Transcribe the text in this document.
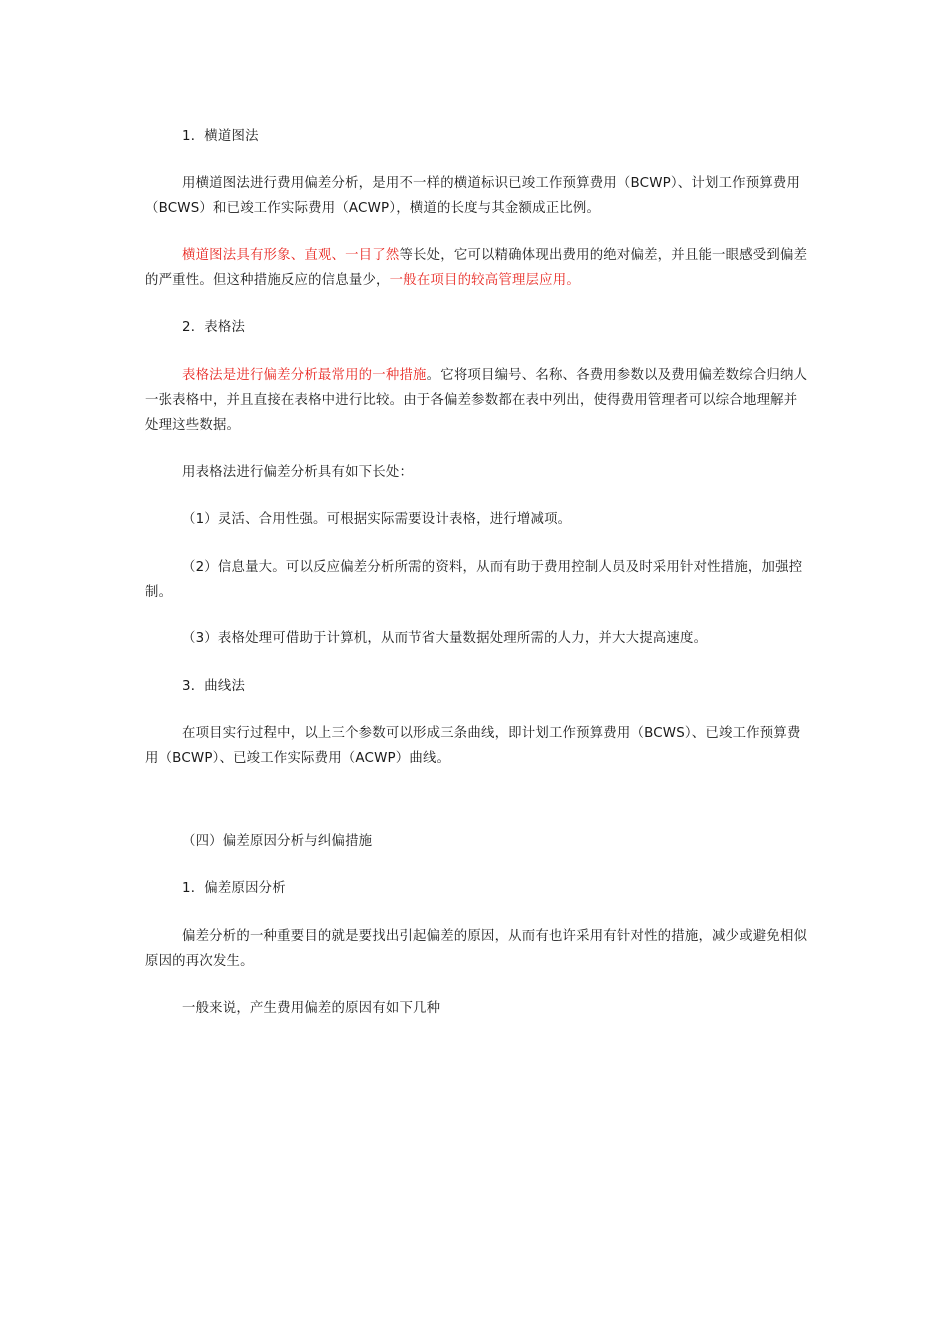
1．横道图法

用横道图法进行费用偏差分析，是用不一样的横道标识已竣工作预算费用（BCWP）、计划工作预算费用（BCWS）和已竣工作实际费用（ACWP），横道的长度与其金额成正比例。

横道图法具有形象、直观、一目了然等长处，它可以精确体现出费用的绝对偏差，并且能一眼感受到偏差的严重性。但这种措施反应的信息量少，一般在项目的较高管理层应用。

2．表格法

表格法是进行偏差分析最常用的一种措施。它将项目编号、名称、各费用参数以及费用偏差数综合归纳人一张表格中，并且直接在表格中进行比较。由于各偏差参数都在表中列出，使得费用管理者可以综合地理解并处理这些数据。

用表格法进行偏差分析具有如下长处：

（1）灵活、合用性强。可根据实际需要设计表格，进行增减项。

（2）信息量大。可以反应偏差分析所需的资料，从而有助于费用控制人员及时采用针对性措施，加强控制。

（3）表格处理可借助于计算机，从而节省大量数据处理所需的人力，并大大提高速度。

3．曲线法

在项目实行过程中，以上三个参数可以形成三条曲线，即计划工作预算费用（BCWS）、已竣工作预算费用（BCWP）、已竣工作实际费用（ACWP）曲线。

（四）偏差原因分析与纠偏措施

1．偏差原因分析

偏差分析的一种重要目的就是要找出引起偏差的原因，从而有也许采用有针对性的措施，减少或避免相似原因的再次发生。

一般来说，产生费用偏差的原因有如下几种
